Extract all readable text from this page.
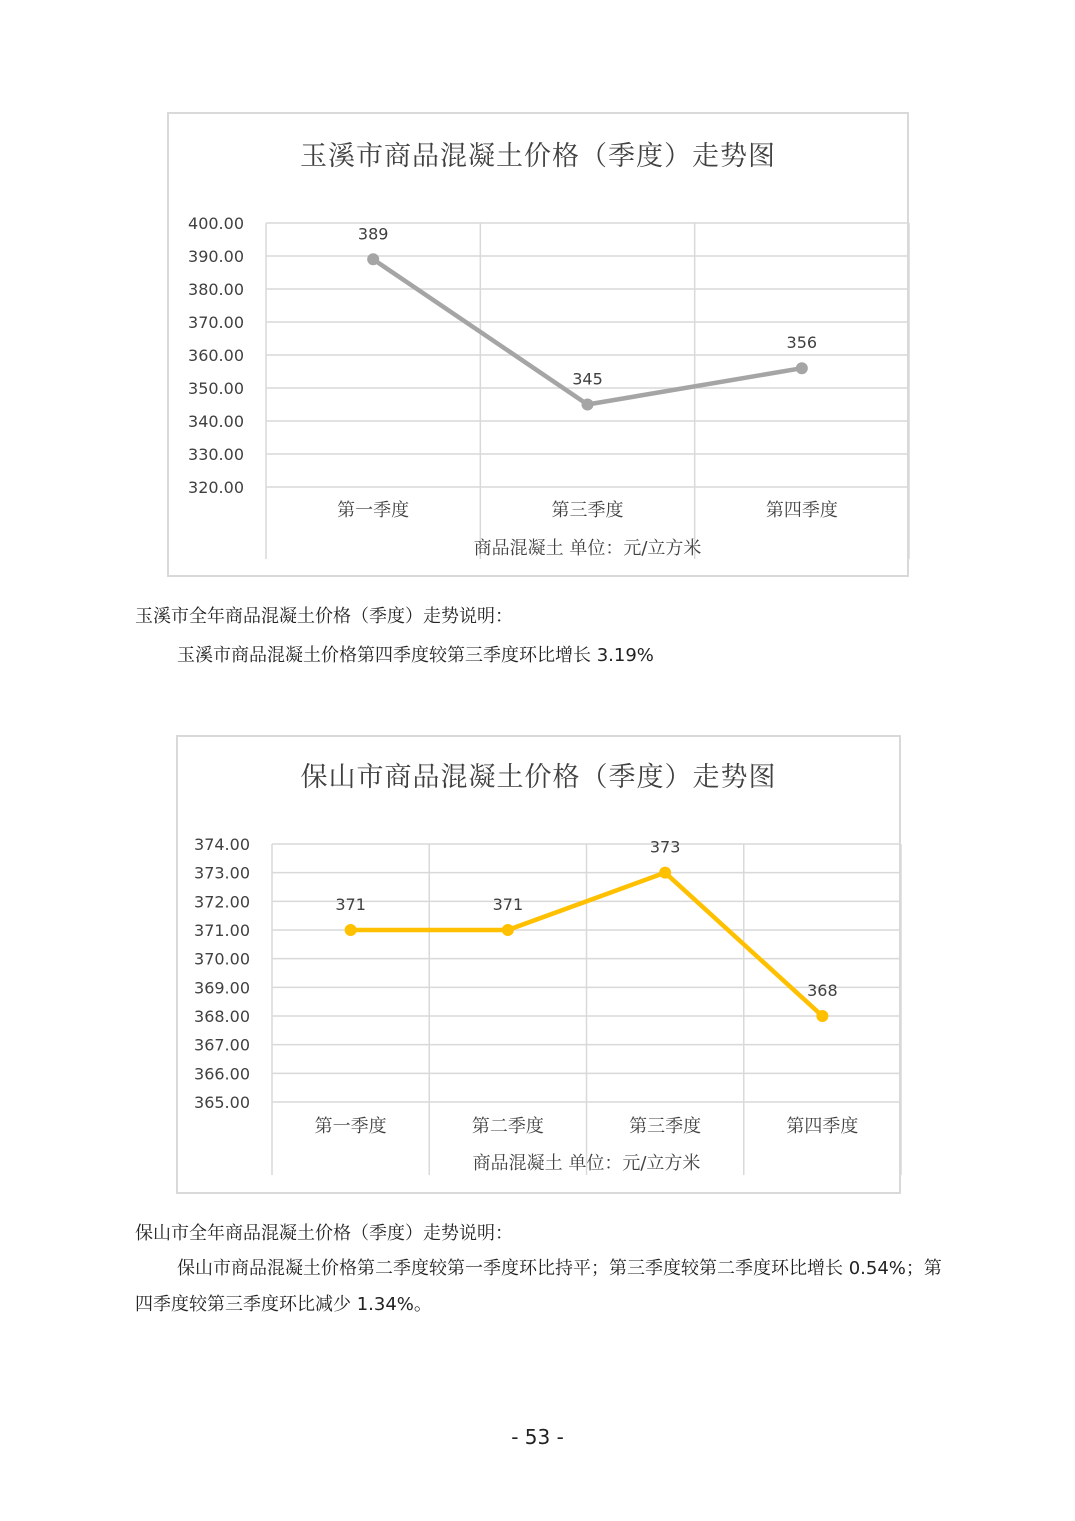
玉溪市商品混凝土价格（季度）走势图
400.00
390.00
380.00
370.00
360.00
350.00
340.00
330.00
320.00
第一季度	第三季度	第四季度
商品混凝土 单位：元/立方米
389
345
356
玉溪市全年商品混凝土价格（季度）走势说明：
玉溪市商品混凝土价格第四季度较第三季度环比增长 3.19%
保山市商品混凝土价格（季度）走势图
374.00
373.00
372.00
371.00
370.00
369.00
368.00
367.00
366.00
365.00
第一季度	第二季度	第三季度	第四季度
商品混凝土 单位：元/立方米
371	371
373
368
保山市全年商品混凝土价格（季度）走势说明：
保山市商品混凝土价格第二季度较第一季度环比持平；第三季度较第二季度环比增长 0.54%；第四季度较第三季度环比减少 1.34%。
- 53 -
